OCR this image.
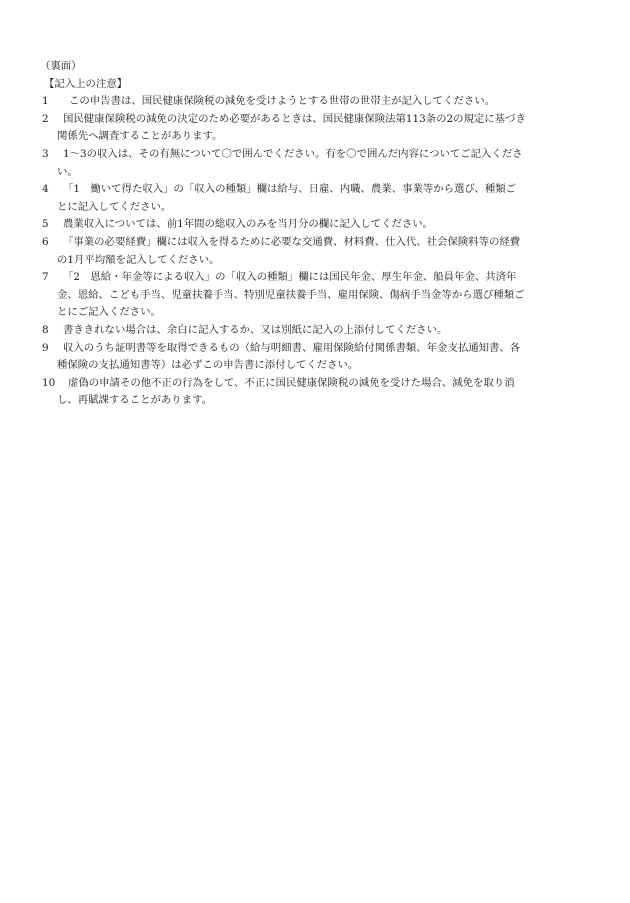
（裏面）
【記入上の注意】
1	この申告書は、国民健康保険税の減免を受けようとする世帯の世帯主が記入してください。
2	国民健康保険税の減免の決定のため必要があるときは、国民健康保険法第113条の2の規定に基づき
関係先へ調査することがあります。
3	1～3の収入は、その有無について〇で囲んでください。有を〇で囲んだ内容についてご記入くださ
い。
4	「1　働いて得た収入」の「収入の種類」欄は給与、日雇、内職、農業、事業等から選び、種類ご
とに記入してください。
5	農業収入については、前1年間の総収入のみを当月分の欄に記入してください。
6	「事業の必要経費」欄には収入を得るために必要な交通費、材料費、仕入代、社会保険料等の経費
の1月平均額を記入してください。
7	「2　恩給・年金等による収入」の「収入の種類」欄には国民年金、厚生年金、船員年金、共済年
金、恩給、こども手当、児童扶養手当、特別児童扶養手当、雇用保険、傷病手当金等から選び種類ご
とにご記入ください。
8	書ききれない場合は、余白に記入するか、又は別紙に記入の上添付してください。
9	収入のうち証明書等を取得できるもの（給与明細書、雇用保険給付関係書類、年金支払通知書、各
種保険の支払通知書等）は必ずこの申告書に添付してください。
10	虚偽の申請その他不正の行為をして、不正に国民健康保険税の減免を受けた場合、減免を取り消
し、再賦課することがあります。
